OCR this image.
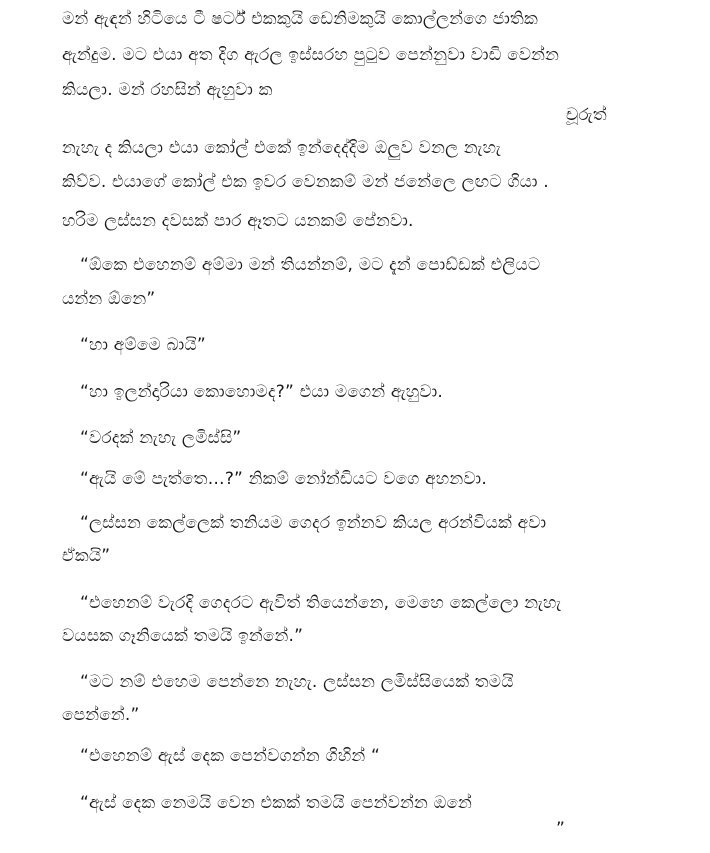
මන් ඇඳන් හිටියෙ ටී ෂර්ට් එකකුයි ඩෙනිමකුයි කොල්ලන්ගෙ ජාතික

ඇන්දුම. මට එයා අත දිග ඇරල ඉස්සරහ පුටුව පෙන්නුවා වාඩි වෙන්න

කියලා. මන් රහසින් ඇහුවා ක

චූරුත්

නැහැ ද කියලා එයා කෝල් එකේ ඉන්දෙද්දිම ඔලුව වනල නැහැ

කිව්ව. එයාගේ කෝල් එක ඉවර වෙනකම් මන් ජනේලෙ ලඟට ගියා .

හරිම ලස්සන දවසක් පාර ඈතට යනකම් පේනවා.

“ඕකෙ එහෙනම් අම්මා මන් තියන්නම්, මට දැන් පොඩ්ඩක් එලියට

යන්න ඕනෙ”

“හා අම්මෙ බායි”

“හා ඉලන්දාරියා කොහොමද?” එයා මගෙන් ඇහුවා.

“වරදක් නැහැ ලමිස්සි”

“ඇයි මේ පැත්තෙ…?” නිකම් නෝන්ඩියට වගෙ අහනවා.

“ලස්සන කෙල්ලෙක් තනියම ගෙදර ඉන්නව කියල අරන්වියක් අවා

ඒකයි”

“එහෙනම් වැරදි ගෙදරට ඇවිත් තියෙන්නෙ, මෙහෙ කෙල්ලො නැහැ

වයසක ගෑනියෙක් තමයි ඉන්නේ.”

“මට නම් එහෙම පෙන්නෙ නැහැ. ලස්සන ලමිස්සියෙක් තමයි

පෙන්නේ.”

“එහෙනම් ඇස් දෙක පෙන්වගන්න ගිහින් “

“ඇස් දෙක නෙමයි වෙන එකක් තමයි පෙන්වන්න ඔනේ

”
